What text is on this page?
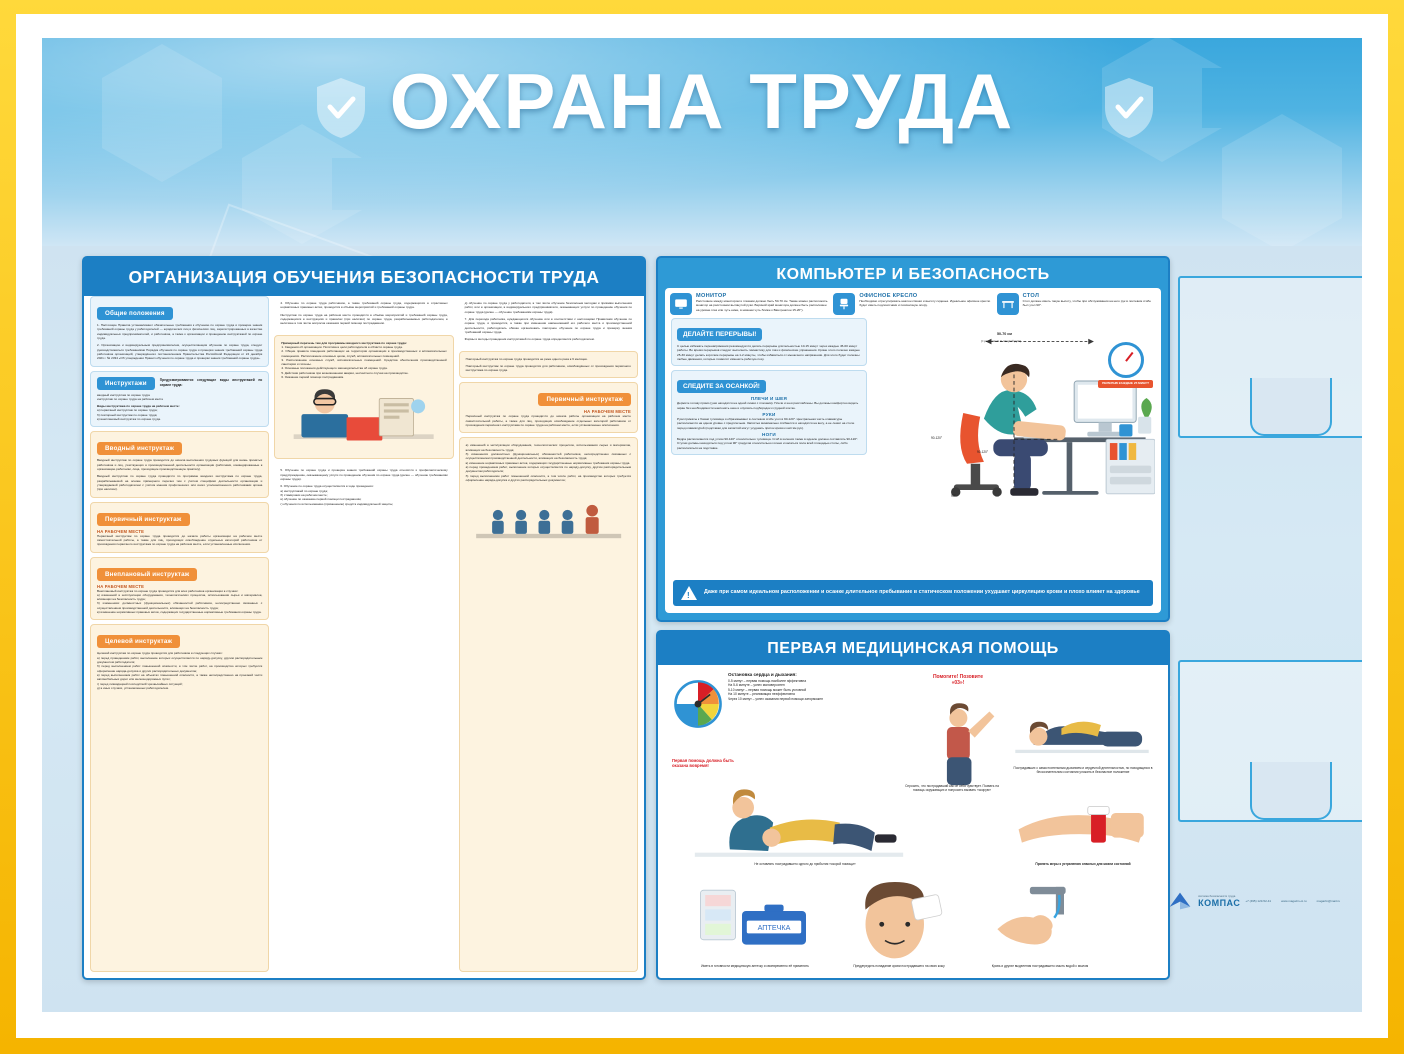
ОХРАНА ТРУДА
ОРГАНИЗАЦИЯ ОБУЧЕНИЯ БЕЗОПАСНОСТИ ТРУДА
Общие положения
1. Настоящие Правила устанавливают обязательные требования к обучению по охране труда и проверке знания требований охраны труда у работодателей — юридических лиц и физических лиц, зарегистрированных в качестве индивидуальных предпринимателей, и работников, а также к организации и проведению инструктажей по охране труда.
2. Организацию и индивидуальным предпринимателем, осуществляющим обучение по охране труда, следует руководствоваться требованиями Порядка обучения по охране труда и проверки знания требований охраны труда работников организаций, утверждённого постановлением Правительства Российской Федерации от 24 декабря 2021 г. № 2334 «Об утверждении Правил обучения по охране труда и проверки знания требований охраны труда».
Инструктажи	Предусматриваются следующие виды инструктажей по охране труда:
вводный инструктаж по охране труда
инструктаж по охране труда на рабочем месте
Виды инструктажа по охране труда на рабочем месте:
а) первичный инструктаж по охране труда;
б) повторный инструктаж по охране труда;
в) внеплановый инструктаж по охране труда.
Вводный инструктаж
Вводный инструктаж по охране труда проводится до начала выполнения трудовых функций для вновь принятых работников и лиц, участвующих в производственной деятельности организации (работники, командированные в организацию работники, лица, проходящие производственную практику).
Вводный инструктаж по охране труда проводится по программе вводного инструктажа по охране труда, разрабатываемой на основе примерного перечня тем с учётом специфики деятельности организации и утверждаемой работодателем с учётом мнения профсоюзного или иного уполномоченного работниками органа (при наличии).
Первичный инструктаж
НА РАБОЧЕМ МЕСТЕ
Первичный инструктаж по охране труда проводится до начала работы организации на рабочем месте самостоятельной работы, а также для лиц, проходящих освобождение отдельных категорий работников от прохождения первичного инструктажа по охране труда на рабочем месте, если установленные исключения.
Внеплановый инструктаж
НА РАБОЧЕМ МЕСТЕ
Внеплановый инструктаж по охране труда проводится для всех работников организации в случаях:
а) изменений в эксплуатации оборудования, технологических процессов, использования сырья и материалов, влияющих на безопасность труда;
б) изменениях должностных (функциональных) обязанностей работников, непосредственно связанных с осуществлением производственной деятельности, влияющих на безопасность труда;
в) изменение нормативных правовых актов, содержащих государственные нормативные требования охраны труда.
Целевой инструктаж
Целевой инструктаж по охране труда проводится для работников в следующих случаях:
а) перед проведением работ, выполнение которых осуществляется по наряду-допуску, другим распорядительным документом работодателя;
б) перед выполнением работ повышенной опасности, в том числе работ, на производство которых требуется оформление наряда-допуска и других распорядительных документов;
в) перед выполнением работ на объектах повышенной опасности, а также непосредственно на проезжей части автомобильных дорог или железнодорожных путях;
г) перед ликвидацией последствий чрезвычайных ситуаций;
д) в иных случаях, установленных работодателем.
4. Обучение по охране труда работников, а также требований охраны труда, содержащихся в отраслевых нормативных правовых актах, проводится в объёме мероприятий и требований охраны труда.
Инструктаж по охране труда на рабочем месте проводится в объёме мероприятий и требований охраны труда, содержащихся в инструкциях и правилах (при наличии) по охране труда, разрабатываемых работодателем, в величине в том числе вопросов оказания первой помощи пострадавшим.
Примерный перечень тем для программы вводного инструктажа по охране труда:
1. Сведения об организации. Политика в цели работодателя в области охраны труда.
2. Общие правила поведения работающих на территории организации в производственных и вспомогательных помещениях. Расположение основных цехов, служб, вспомогательных помещений.
3. Расположение основных служб, вспомогательных помещений. Средства обеспечения производственной санитарии и гигиены.
4. Основные положения действующего законодательства об охране труда.
5. Действия работников при возникновении аварии, несчастного случая на производстве.
6. Оказание первой помощи пострадавшим.
5. Обучение по охране труда и проверка знания требований охраны труда относится к профилактическому предупреждению, оказывающему услуги по проведению обучения по охране труда (далее — обучение требованиям охраны труда).
6. Обучение по охране труда осуществляется в ходе проведения:
а) инструктажей по охране труда;
б) стажировки на рабочем месте;
в) обучение по оказанию первой помощи пострадавшим;
г) обучения по использованию (применению) средств индивидуальной защиты;
д) обучение по охране труда у работодателя, в том числе обучение безопасным методам и приёмам выполнения работ, или в организации, в индивидуального предпринимателя, оказывающих услуги по проведению обучения по охране труда (далее — обучение требованиям охраны труда).
7. Для перехода работника, нуждающегося обучение или в соответствии с настоящими Правилами обучение по охране труда, и проводится, а также при изменении наименований его рабочего места и производственной деятельности, работодатель обязан организовать повторное обучение по охране труда и проверку знания требований охраны труда.
Формы и методы проведения инструктажей по охране труда определяются работодателем.
Повторный инструктаж по охране труда проводится не реже одного раза в 6 месяцев.
Повторный инструктаж по охране труда проводится для работников, освобождённых от прохождения первичного инструктажа по охране труда.
Первичный инструктаж
НА РАБОЧЕМ МЕСТЕ
Первичный инструктаж по охране труда проводится до начала работы организации на рабочем месте самостоятельной работы, а также для лиц, проходящих освобождение отдельных категорий работников от прохождения первичного инструктажа по охране труда на рабочем месте, если установленные исключения.
а) изменений в эксплуатации оборудования, технологических процессов, использования сырья и материалов, влияющих на безопасность труда;
б) изменениях должностных (функциональных) обязанностей работников, непосредственно связанных с осуществлением производственной деятельности, влияющих на безопасность труда;
в) изменение нормативных правовых актов, содержащих государственные нормативные требования охраны труда.
а) перед проведением работ, выполнение которых осуществляется по наряду-допуску, другим распорядительным документом работодателя;
б) перед выполнением работ повышенной опасности, в том числе работ, на производство которых требуется оформление наряда-допуска и других распорядительных документов;
КОМПЬЮТЕР И БЕЗОПАСНОСТЬ
МОНИТОР
Расстояние между монитором и глазами должно быть 50-70 см. Также можно расположить монитор на расстоянии вытянутой руки. Верхний край монитора должен быть расположен на уровне глаз или чуть ниже, в нижнем чуть ближе к Вам (наклон 15-20°).
ОФИСНОЕ КРЕСЛО
Необходимо отрегулировать наклон спинки и высоту сиденья. Идеальное офисное кресло будет иметь подлокотники и поясничную опору.
СТОЛ
Стол должен иметь такую высоту, чтобы при обслуживании на него рук в локтевом сгибе был угол 90°.
ДЕЛАЙТЕ ПЕРЕРЫВЫ!
С целью избежать перенапряжения рекомендуется делать перерывы длительностью 10-15 минут через каждые 45-60 минут работы. Во время перерывов следует выполнить гимнастику для глаз и физические упражнения. Кроме этого полезно каждые 25-30 минут делать короткие перерывы на 1-2 минуты, чтобы избавиться от мышечного напряжения. Для этого будет полезны любые движения, которые позволят изменить рабочую позу.
СЛЕДИТЕ ЗА ОСАНКОЙ!
ПЛЕЧИ И ШЕЯ
Держите голову прямо (уши находятся на одной линии с плечами). Плечи и шея расслаблены. Вы должны комфортно видеть экран без необходимости наклонять шею и опускать подбородок к грудной клетке.
РУКИ
Руки прижаты к бокам туловища и образовывают в локтевом сгибе угол в 90-120°. Центральная часть клавиатуры располагается на одном уровне с предплечьем. Запястья минимально сгибаются и находятся на весу, а не лежат на столе перед клавиатурой (подставки для запястий могут ухудшать приток крови к кистям рук).
НОГИ
Бёдра располагаются под углом 90-120° относительно туловища. Сгиб в коленях также в идеале должен составлять 90-120°. Ступни должны находиться под углом 90° градусов относительно голени и касаться пола всей площадью стопы, либо располагаться на подставке.
50-70 см
(= расстоянии вытянутой руки)
90-120°
90-120°
90°
ПЕРЕРЫВ КАЖДЫЕ 25 МИНУТ
!	Даже при самом идеальном расположении и осанке длительное пребывание в статическом положении ухудшает циркуляцию крови и плохо влияет на здоровье
ПЕРВАЯ МЕДИЦИНСКАЯ ПОМОЩЬ
Остановка сердца и дыхания:
0-5 минут – первая помощь наиболее эффективна
На 5-6 минуте – успех маловероятен
5-10 минут – первая помощь может быть условной
На 10 минуте – реанимация неэффективна
Через 10 минут – успех оказания первой помощи заторможен
Помогите! Позовите «03»!
Спросить, что пострадавший как он себя чувствует. Позвать на помощь окружающих и попросить вызвать «скорую»
Пострадавших с самостоятельным дыханием и сердечной деятельностью, но находящихся в бессознательном состоянии уложить в безопасное положение
Первая помощь должна быть оказана вовремя!
Не оставлять пострадавшего одного до прибытия «скорой помощи»	Принять меры к устранению опасных для жизни состояний
АПТЕЧКА
Иметь в готовности медицинскую аптечку и своевременно её применять	Предупредить попадание крови пострадавшего на свою кожу	Кровь и другие выделения пострадавшего смыть водой с мылом
система безопасности труда
КОМПАС +7 (495) 123-52-41	www.magazin-ot.ru	magazin@mail.ru
